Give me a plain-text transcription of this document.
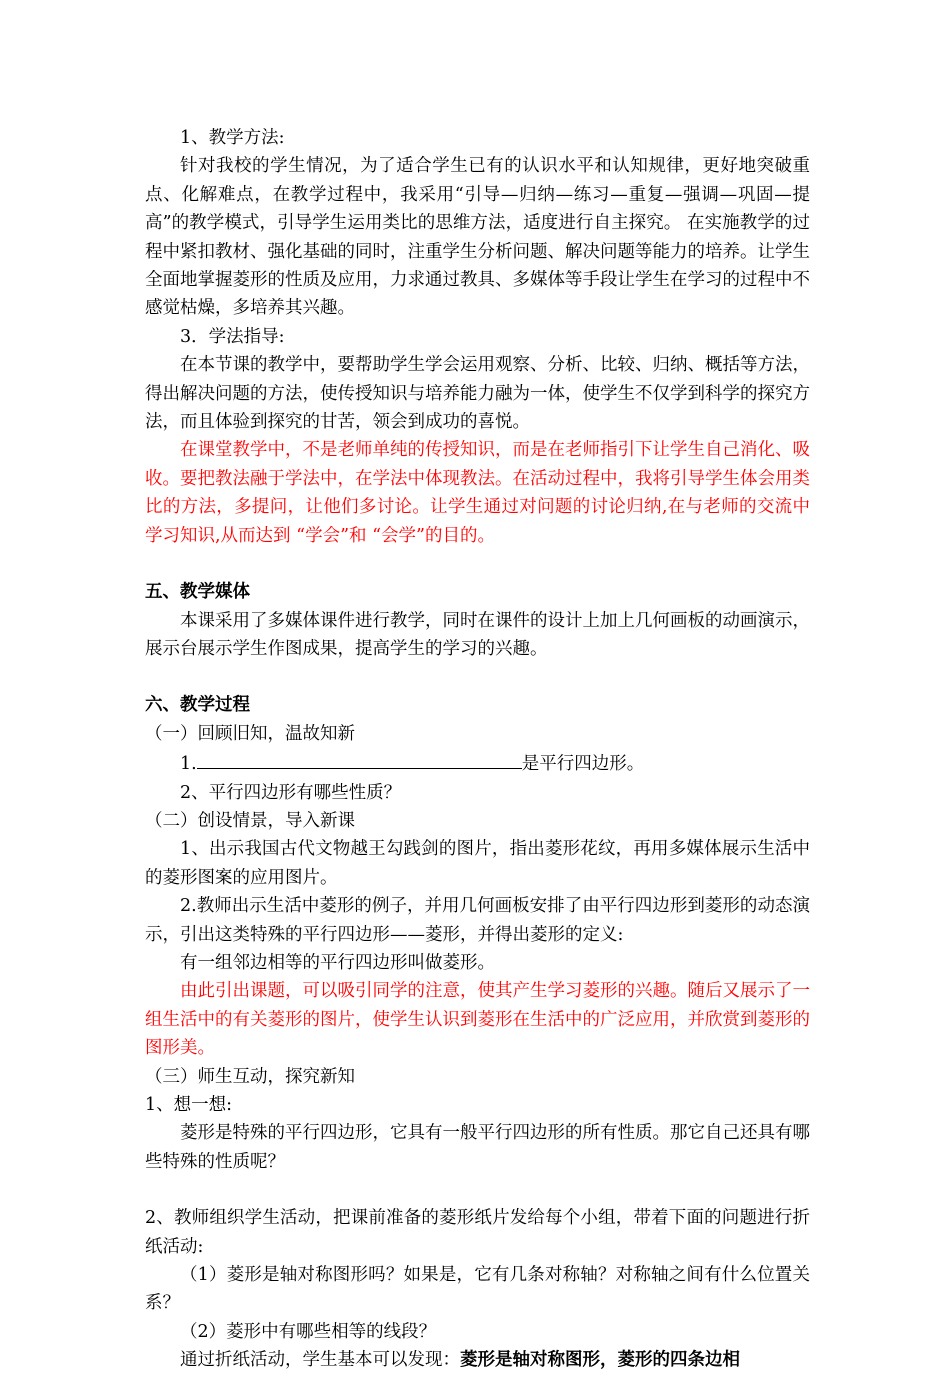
1、教学方法:

针对我校的学生情况，为了适合学生已有的认识水平和认知规律，更好地突破重点、化解难点，在教学过程中，我采用“引导—归纳—练习—重复—强调—巩固—提高”的教学模式，引导学生运用类比的思维方法，适度进行自主探究。 在实施教学的过程中紧扣教材、强化基础的同时，注重学生分析问题、解决问题等能力的培养。让学生全面地掌握菱形的性质及应用，力求通过教具、多媒体等手段让学生在学习的过程中不感觉枯燥，多培养其兴趣。

3．学法指导:

在本节课的教学中，要帮助学生学会运用观察、分析、比较、归纳、概括等方法，得出解决问题的方法，使传授知识与培养能力融为一体，使学生不仅学到科学的探究方法，而且体验到探究的甘苦，领会到成功的喜悦。

在课堂教学中，不是老师单纯的传授知识，而是在老师指引下让学生自己消化、吸收。要把教法融于学法中，在学法中体现教法。在活动过程中，我将引导学生体会用类比的方法，多提问，让他们多讨论。让学生通过对问题的讨论归纳,在与老师的交流中学习知识,从而达到 “学会”和 “会学”的目的。

五、教学媒体

本课采用了多媒体课件进行教学，同时在课件的设计上加上几何画板的动画演示，展示台展示学生作图成果，提高学生的学习的兴趣。

六、教学过程

（一）回顾旧知，温故知新

1.	是平行四边形。

2、平行四边形有哪些性质？

（二）创设情景，导入新课

1、出示我国古代文物越王勾践剑的图片，指出菱形花纹，再用多媒体展示生活中的菱形图案的应用图片。

2.教师出示生活中菱形的例子，并用几何画板安排了由平行四边形到菱形的动态演示，引出这类特殊的平行四边形——菱形，并得出菱形的定义:

有一组邻边相等的平行四边形叫做菱形。

由此引出课题，可以吸引同学的注意，使其产生学习菱形的兴趣。随后又展示了一组生活中的有关菱形的图片，使学生认识到菱形在生活中的广泛应用，并欣赏到菱形的图形美。

（三）师生互动，探究新知

1、想一想:

菱形是特殊的平行四边形，它具有一般平行四边形的所有性质。那它自己还具有哪些特殊的性质呢？

2、教师组织学生活动，把课前准备的菱形纸片发给每个小组，带着下面的问题进行折纸活动:

（1）菱形是轴对称图形吗？如果是，它有几条对称轴？对称轴之间有什么位置关系？

（2）菱形中有哪些相等的线段？

通过折纸活动，学生基本可以发现：菱形是轴对称图形，菱形的四条边相
